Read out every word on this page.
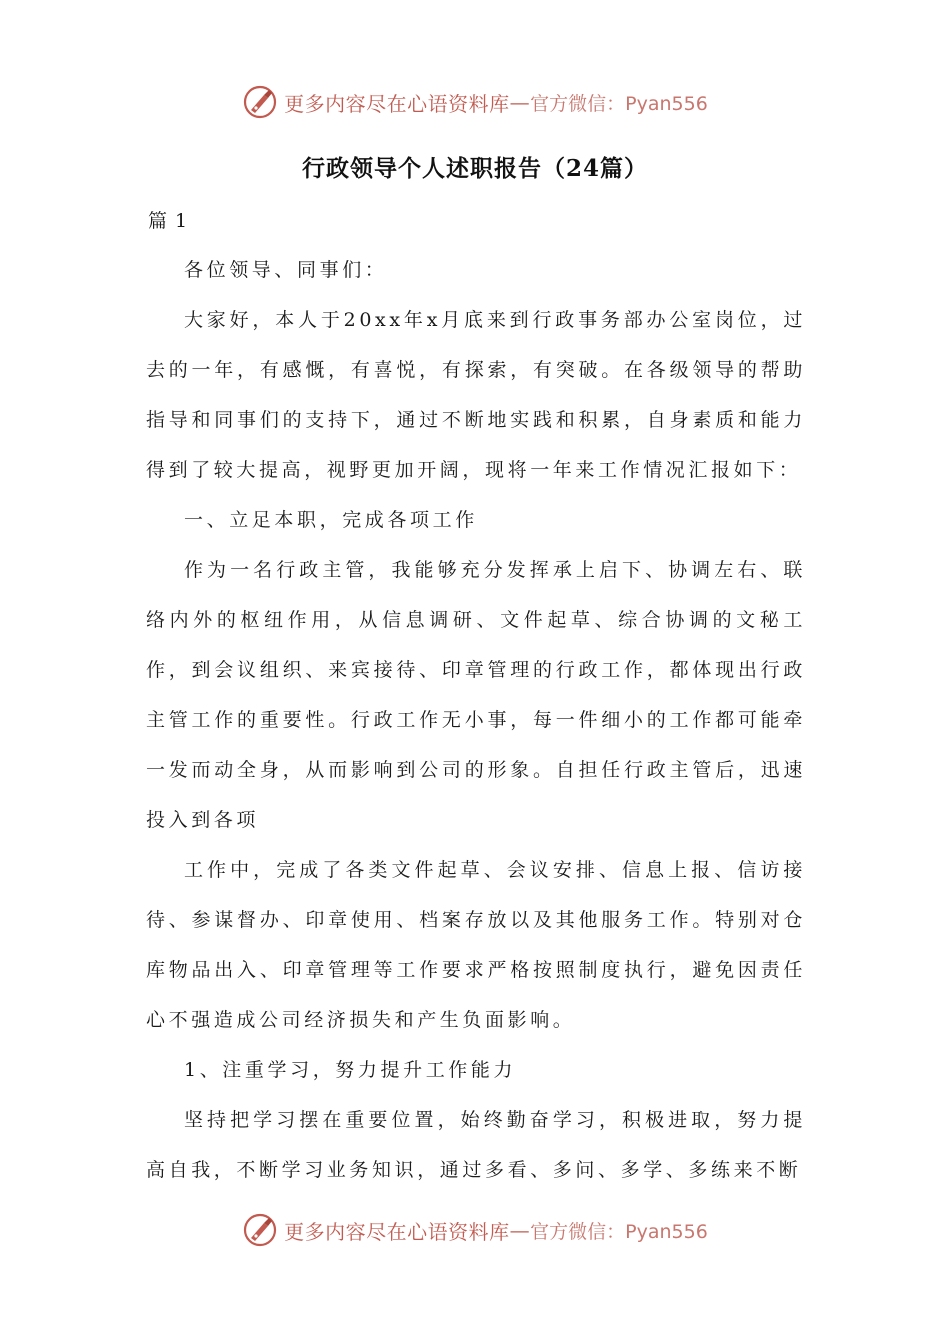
更多内容尽在心语资料库 — 官方微信：Pyan556
行政领导个人述职报告（24篇）
篇 1

各位领导、同事们：

大家好，本人于20xx年x月底来到行政事务部办公室岗位，过去的一年，有感慨，有喜悦，有探索，有突破。在各级领导的帮助指导和同事们的支持下，通过不断地实践和积累，自身素质和能力得到了较大提高，视野更加开阔，现将一年来工作情况汇报如下：

一、立足本职，完成各项工作

作为一名行政主管，我能够充分发挥承上启下、协调左右、联络内外的枢纽作用，从信息调研、文件起草、综合协调的文秘工作，到会议组织、来宾接待、印章管理的行政工作，都体现出行政主管工作的重要性。行政工作无小事，每一件细小的工作都可能牵一发而动全身，从而影响到公司的形象。自担任行政主管后，迅速投入到各项

工作中，完成了各类文件起草、会议安排、信息上报、信访接待、参谋督办、印章使用、档案存放以及其他服务工作。特别对仓库物品出入、印章管理等工作要求严格按照制度执行，避免因责任心不强造成公司经济损失和产生负面影响。

1、注重学习，努力提升工作能力

坚持把学习摆在重要位置，始终勤奋学习，积极进取，努力提高自我，不断学习业务知识，通过多看、多问、多学、多练来不断

更多内容尽在心语资料库 — 官方微信：Pyan556
